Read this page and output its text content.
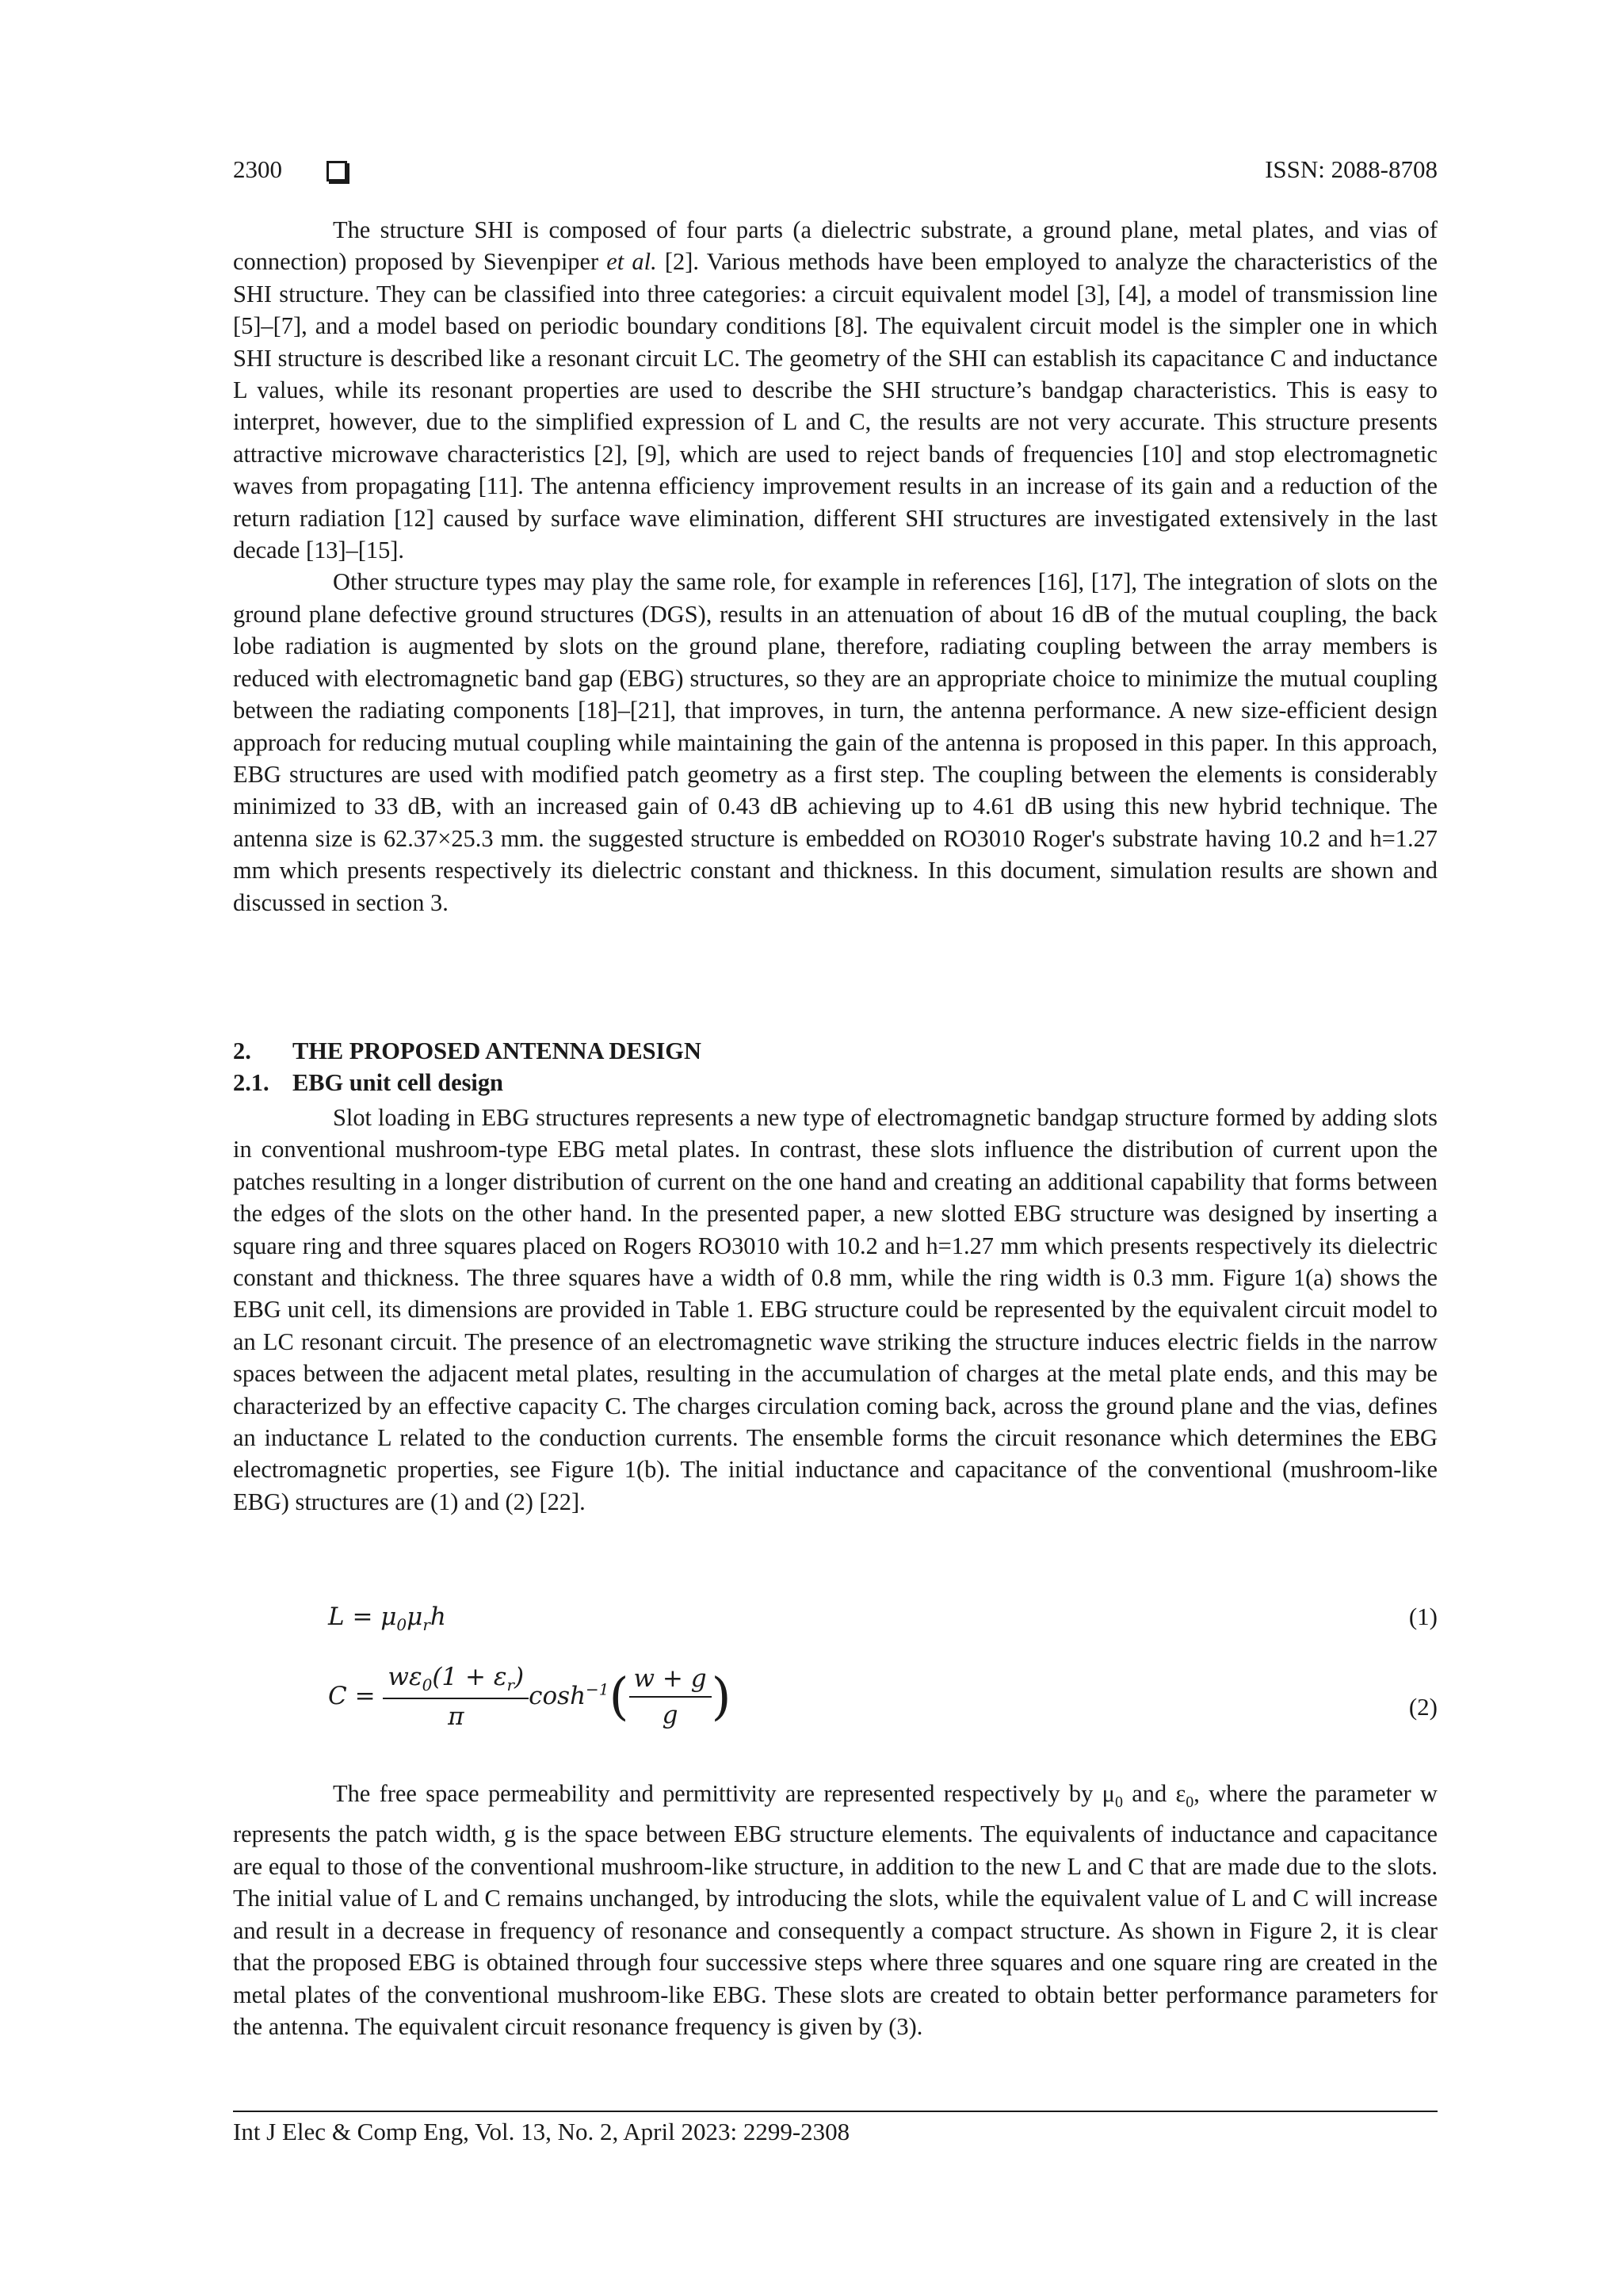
2300	ISSN: 2088-8708

The structure SHI is composed of four parts (a dielectric substrate, a ground plane, metal plates, and vias of connection) proposed by Sievenpiper et al. [2]. Various methods have been employed to analyze the characteristics of the SHI structure. They can be classified into three categories: a circuit equivalent model [3], [4], a model of transmission line [5]–[7], and a model based on periodic boundary conditions [8]. The equivalent circuit model is the simpler one in which SHI structure is described like a resonant circuit LC. The geometry of the SHI can establish its capacitance C and inductance L values, while its resonant properties are used to describe the SHI structure’s bandgap characteristics. This is easy to interpret, however, due to the simplified expression of L and C, the results are not very accurate. This structure presents attractive microwave characteristics [2], [9], which are used to reject bands of frequencies [10] and stop electromagnetic waves from propagating [11]. The antenna efficiency improvement results in an increase of its gain and a reduction of the return radiation [12] caused by surface wave elimination, different SHI structures are investigated extensively in the last decade [13]–[15].

Other structure types may play the same role, for example in references [16], [17], The integration of slots on the ground plane defective ground structures (DGS), results in an attenuation of about 16 dB of the mutual coupling, the back lobe radiation is augmented by slots on the ground plane, therefore, radiating coupling between the array members is reduced with electromagnetic band gap (EBG) structures, so they are an appropriate choice to minimize the mutual coupling between the radiating components [18]–[21], that improves, in turn, the antenna performance. A new size-efficient design approach for reducing mutual coupling while maintaining the gain of the antenna is proposed in this paper. In this approach, EBG structures are used with modified patch geometry as a first step. The coupling between the elements is considerably minimized to 33 dB, with an increased gain of 0.43 dB achieving up to 4.61 dB using this new hybrid technique. The antenna size is 62.37×25.3 mm. the suggested structure is embedded on RO3010 Roger's substrate having 10.2 and h=1.27 mm which presents respectively its dielectric constant and thickness. In this document, simulation results are shown and discussed in section 3.

2. THE PROPOSED ANTENNA DESIGN
2.1. EBG unit cell design

Slot loading in EBG structures represents a new type of electromagnetic bandgap structure formed by adding slots in conventional mushroom-type EBG metal plates. In contrast, these slots influence the distribution of current upon the patches resulting in a longer distribution of current on the one hand and creating an additional capability that forms between the edges of the slots on the other hand. In the presented paper, a new slotted EBG structure was designed by inserting a square ring and three squares placed on Rogers RO3010 with 10.2 and h=1.27 mm which presents respectively its dielectric constant and thickness. The three squares have a width of 0.8 mm, while the ring width is 0.3 mm. Figure 1(a) shows the EBG unit cell, its dimensions are provided in Table 1. EBG structure could be represented by the equivalent circuit model to an LC resonant circuit. The presence of an electromagnetic wave striking the structure induces electric fields in the narrow spaces between the adjacent metal plates, resulting in the accumulation of charges at the metal plate ends, and this may be characterized by an effective capacity C. The charges circulation coming back, across the ground plane and the vias, defines an inductance L related to the conduction currents. The ensemble forms the circuit resonance which determines the EBG electromagnetic properties, see Figure 1(b). The initial inductance and capacitance of the conventional (mushroom-like EBG) structures are (1) and (2) [22].

$L = \mu_0\mu_rh$	(1)
$C = \frac{w\varepsilon_0(1 + \varepsilon_r)}{\pi} \cosh^{-1}( \frac{w + g}{g}$ )	(2)

The free space permeability and permittivity are represented respectively by $\mu_0$ and $\varepsilon_0$, where the parameter w represents the patch width, g is the space between EBG structure elements. The equivalents of inductance and capacitance are equal to those of the conventional mushroom-like structure, in addition to the new L and C that are made due to the slots. The initial value of L and C remains unchanged, by introducing the slots, while the equivalent value of L and C will increase and result in a decrease in frequency of resonance and consequently a compact structure. As shown in Figure 2, it is clear that the proposed EBG is obtained through four successive steps where three squares and one square ring are created in the metal plates of the conventional mushroom-like EBG. These slots are created to obtain better performance parameters for the antenna. The equivalent circuit resonance frequency is given by (3).

Int J Elec & Comp Eng, Vol. 13, No. 2, April 2023: 2299-2308
